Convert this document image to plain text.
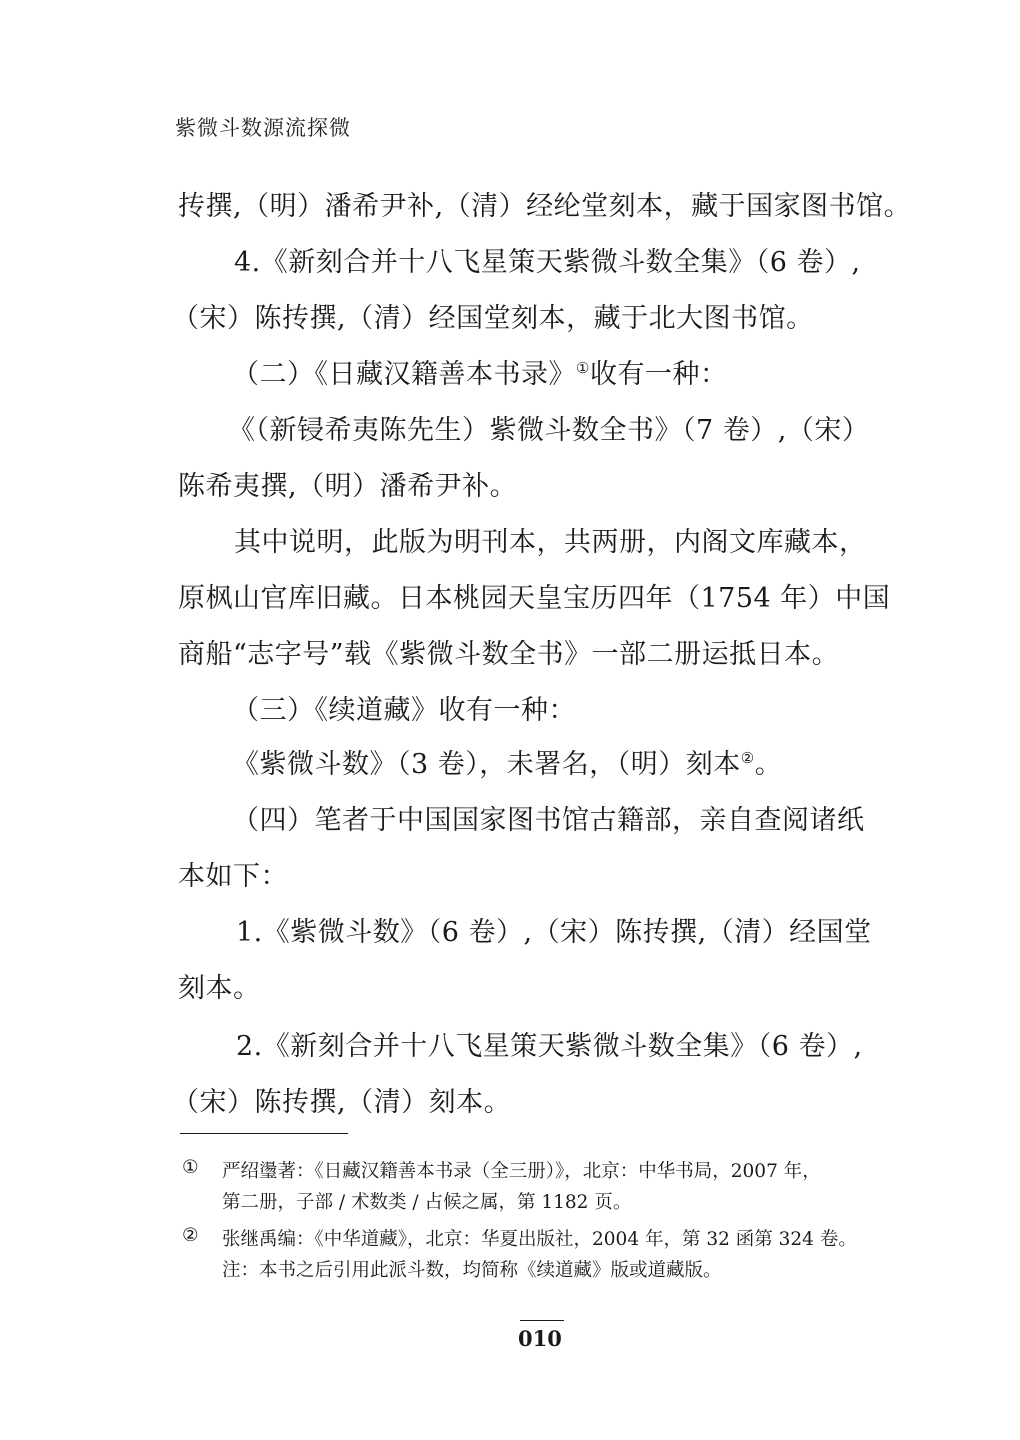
紫微斗数源流探微
抟撰,（明）潘希尹补,（清）经纶堂刻本，藏于国家图书馆。
4.《新刻合并十八飞星策天紫微斗数全集》（6 卷）,
（宋）陈抟撰,（清）经国堂刻本，藏于北大图书馆。
（二）《日藏汉籍善本书录》①收有一种：
《（新锓希夷陈先生）紫微斗数全书》（7 卷）,（宋）
陈希夷撰,（明）潘希尹补。
其中说明，此版为明刊本，共两册，内阁文库藏本，
原枫山官库旧藏。日本桃园天皇宝历四年（1754 年）中国
商船“志字号”载《紫微斗数全书》一部二册运抵日本。
（三）《续道藏》收有一种：
《紫微斗数》（3 卷），未署名，（明）刻本②。
（四）笔者于中国国家图书馆古籍部，亲自查阅诸纸
本如下：
1.《紫微斗数》（6 卷）,（宋）陈抟撰,（清）经国堂
刻本。
2.《新刻合并十八飞星策天紫微斗数全集》（6 卷）,
（宋）陈抟撰,（清）刻本。
① 严绍璗著：《日藏汉籍善本书录（全三册）》，北京：中华书局，2007 年，
第二册，子部 / 术数类 / 占候之属，第 1182 页。
② 张继禹编：《中华道藏》，北京：华夏出版社，2004 年，第 32 函第 324 卷。
注：本书之后引用此派斗数，均简称《续道藏》版或道藏版。
010
